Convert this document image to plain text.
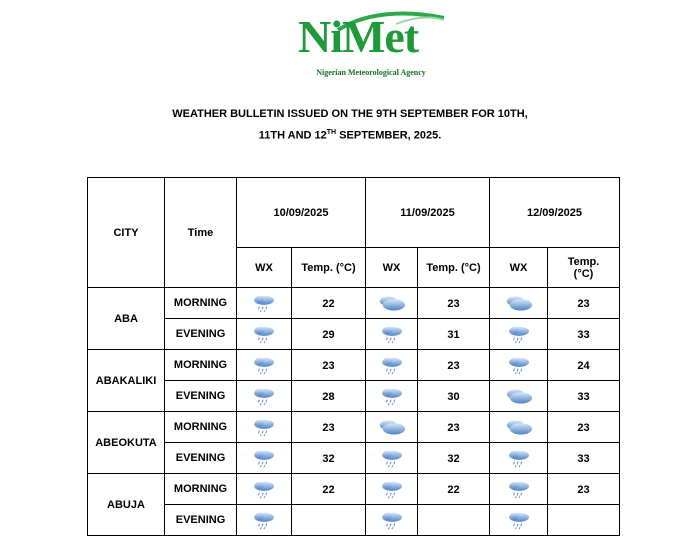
NiMet
Nigerian Meteorological Agency
WEATHER BULLETIN ISSUED ON THE 9TH SEPTEMBER FOR 10TH,
11TH AND 12TH SEPTEMBER, 2025.
CITY	Time	10/09/2025		11/09/2025		12/09/2025	
		WX	Temp. (°C)	WX	Temp. (°C)	WX	Temp.
(°C)
ABA	MORNING		22		23		23
	EVENING		29		31		33
ABAKALIKI	MORNING		23		23		24
	EVENING		28		30		33
ABEOKUTA	MORNING		23		23		23
	EVENING		32		32		33
ABUJA	MORNING		22		22		23
	EVENING						
